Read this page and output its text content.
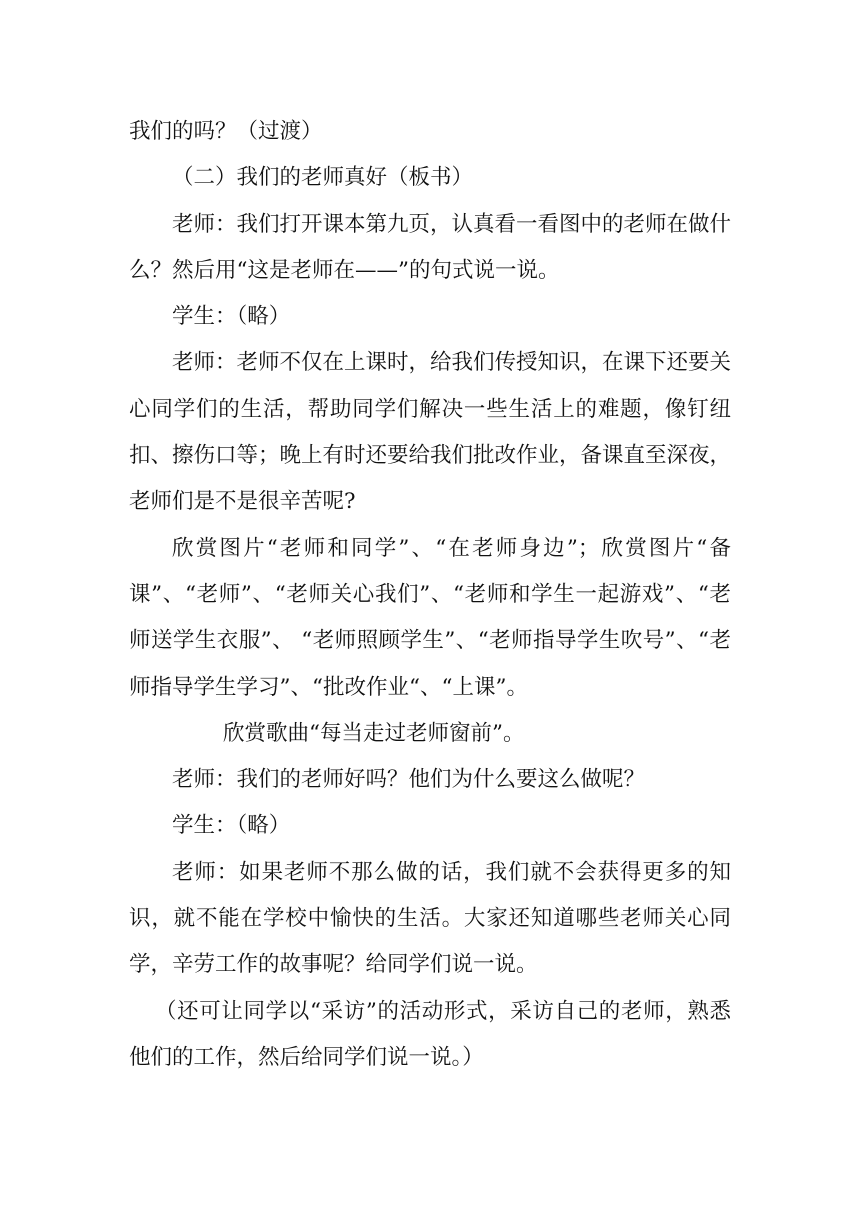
我们的吗？（过渡）

（二）我们的老师真好（板书）

老师：我们打开课本第九页，认真看一看图中的老师在做什么？然后用“这是老师在——”的句式说一说。

学生：（略）

老师：老师不仅在上课时，给我们传授知识，在课下还要关心同学们的生活，帮助同学们解决一些生活上的难题，像钉纽扣、擦伤口等；晚上有时还要给我们批改作业，备课直至深夜，老师们是不是很辛苦呢?

欣赏图片“老师和同学”、“在老师身边”；欣赏图片“备课”、“老师”、“老师关心我们”、“老师和学生一起游戏”、“老师送学生衣服”、 “老师照顾学生”、“老师指导学生吹号”、“老师指导学生学习”、“批改作业“、“上课”。

欣赏歌曲“每当走过老师窗前”。

老师：我们的老师好吗？他们为什么要这么做呢？

学生：（略）

老师：如果老师不那么做的话，我们就不会获得更多的知识，就不能在学校中愉快的生活。大家还知道哪些老师关心同学，辛劳工作的故事呢？给同学们说一说。

（还可让同学以“采访”的活动形式，采访自己的老师，熟悉他们的工作，然后给同学们说一说。）
